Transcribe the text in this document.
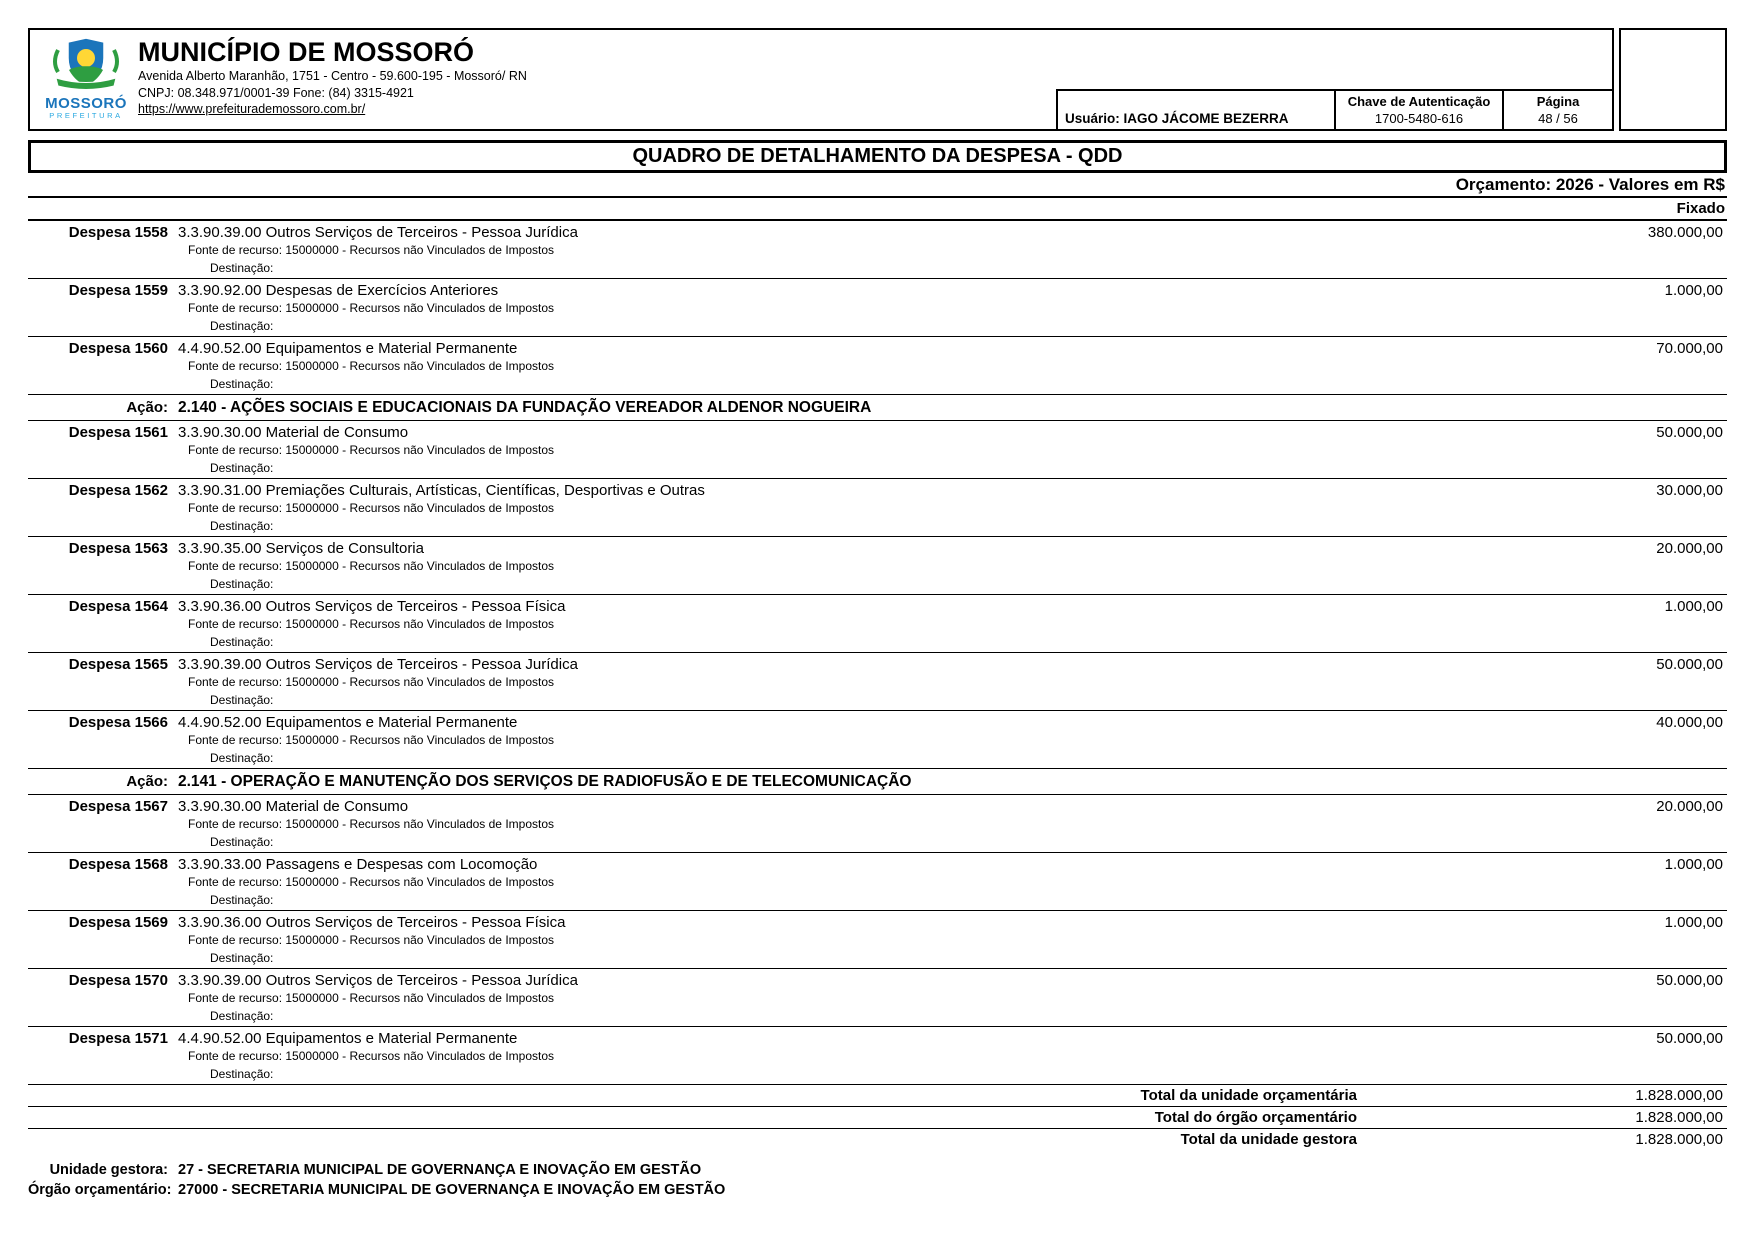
MOSSORÓ
PREFEITURA
MUNICÍPIO DE MOSSORÓ
Avenida Alberto Maranhão, 1751 - Centro - 59.600-195 - Mossoró/ RN
CNPJ: 08.348.971/0001-39 Fone: (84) 3315-4921
https://www.prefeiturademossoro.com.br/
Usuário: IAGO JÁCOME BEZERRA
Chave de Autenticação
1700-5480-616
Página
48 / 56
QUADRO DE DETALHAMENTO DA DESPESA - QDD
Orçamento: 2026 - Valores em R$
Fixado
Despesa 1558 3.3.90.39.00 Outros Serviços de Terceiros - Pessoa Jurídica	380.000,00
Fonte de recurso: 15000000 - Recursos não Vinculados de Impostos
Destinação:
Despesa 1559 3.3.90.92.00 Despesas de Exercícios Anteriores	1.000,00
Fonte de recurso: 15000000 - Recursos não Vinculados de Impostos
Destinação:
Despesa 1560 4.4.90.52.00 Equipamentos e Material Permanente	70.000,00
Fonte de recurso: 15000000 - Recursos não Vinculados de Impostos
Destinação:
Ação: 2.140 - AÇÕES SOCIAIS E EDUCACIONAIS DA FUNDAÇÃO VEREADOR ALDENOR NOGUEIRA
Despesa 1561 3.3.90.30.00 Material de Consumo	50.000,00
Fonte de recurso: 15000000 - Recursos não Vinculados de Impostos
Destinação:
Despesa 1562 3.3.90.31.00 Premiações Culturais, Artísticas, Científicas, Desportivas e Outras	30.000,00
Fonte de recurso: 15000000 - Recursos não Vinculados de Impostos
Destinação:
Despesa 1563 3.3.90.35.00 Serviços de Consultoria	20.000,00
Fonte de recurso: 15000000 - Recursos não Vinculados de Impostos
Destinação:
Despesa 1564 3.3.90.36.00 Outros Serviços de Terceiros - Pessoa Física	1.000,00
Fonte de recurso: 15000000 - Recursos não Vinculados de Impostos
Destinação:
Despesa 1565 3.3.90.39.00 Outros Serviços de Terceiros - Pessoa Jurídica	50.000,00
Fonte de recurso: 15000000 - Recursos não Vinculados de Impostos
Destinação:
Despesa 1566 4.4.90.52.00 Equipamentos e Material Permanente	40.000,00
Fonte de recurso: 15000000 - Recursos não Vinculados de Impostos
Destinação:
Ação: 2.141 - OPERAÇÃO E MANUTENÇÃO DOS SERVIÇOS DE RADIOFUSÃO E DE TELECOMUNICAÇÃO
Despesa 1567 3.3.90.30.00 Material de Consumo	20.000,00
Fonte de recurso: 15000000 - Recursos não Vinculados de Impostos
Destinação:
Despesa 1568 3.3.90.33.00 Passagens e Despesas com Locomoção	1.000,00
Fonte de recurso: 15000000 - Recursos não Vinculados de Impostos
Destinação:
Despesa 1569 3.3.90.36.00 Outros Serviços de Terceiros - Pessoa Física	1.000,00
Fonte de recurso: 15000000 - Recursos não Vinculados de Impostos
Destinação:
Despesa 1570 3.3.90.39.00 Outros Serviços de Terceiros - Pessoa Jurídica	50.000,00
Fonte de recurso: 15000000 - Recursos não Vinculados de Impostos
Destinação:
Despesa 1571 4.4.90.52.00 Equipamentos e Material Permanente	50.000,00
Fonte de recurso: 15000000 - Recursos não Vinculados de Impostos
Destinação:
Total da unidade orçamentária	1.828.000,00
Total do órgão orçamentário	1.828.000,00
Total da unidade gestora	1.828.000,00
Unidade gestora: 27 - SECRETARIA MUNICIPAL DE GOVERNANÇA E INOVAÇÃO EM GESTÃO
Órgão orçamentário: 27000 - SECRETARIA MUNICIPAL DE GOVERNANÇA E INOVAÇÃO EM GESTÃO
